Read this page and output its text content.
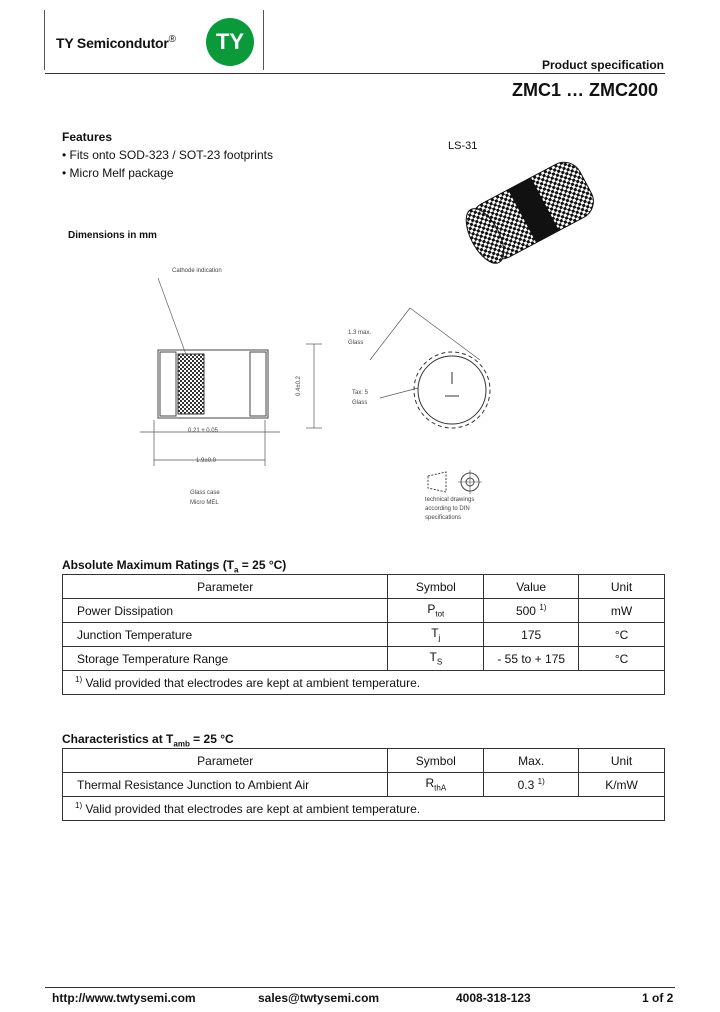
TY Semicondutor®	TY
Product specification
ZMC1 … ZMC200
Features
• Fits onto SOD-323 / SOT-23 footprints
• Micro Melf package
LS-31
Dimensions in mm
Cathode indication
0.21 ± 0.05
1.9±0.0
0.4±0.2
Glass case
Micro MEL
1.3 max.
Glass
Tax: 5
Glass
technical drawings
according to DIN
specifications
Absolute Maximum Ratings ($T_a = 25$ °C)
Parameter	Symbol	Value	Unit
Power Dissipation	$P_{tot}$	500 $^{1)}$	mW
Junction Temperature	$T_j$	175	°C
Storage Temperature Range	$T_S$	- 55 to + 175	°C
$^{1)}$ Valid provided that electrodes are kept at ambient temperature.			
Characteristics at $T_{amb} = 25$ °C
Parameter	Symbol	Max.	Unit
Thermal Resistance Junction to Ambient Air	$R_{thA}$	0.3 $^{1)}$	K/mW
$^{1)}$ Valid provided that electrodes are kept at ambient temperature.			
http://www.twtysemi.com	sales@twtysemi.com	4008-318-123	1 of 2
